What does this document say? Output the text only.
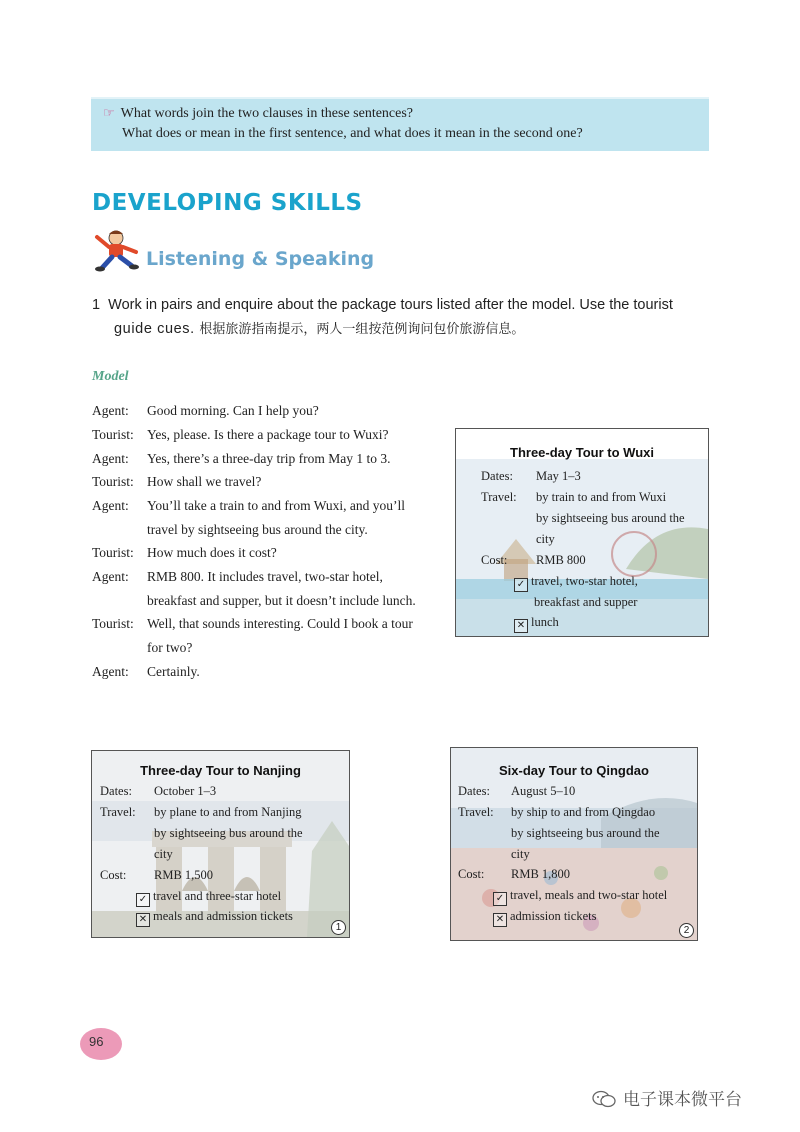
☞ What words join the two clauses in these sentences?
What does or mean in the first sentence, and what does it mean in the second one?
DEVELOPING SKILLS
Listening & Speaking
1 Work in pairs and enquire about the package tours listed after the model. Use the tourist
guide cues. 根据旅游指南提示，两人一组按范例询问包价旅游信息。
Model
Agent: Good morning. Can I help you?
Tourist: Yes, please. Is there a package tour to Wuxi?
Agent: Yes, there’s a three-day trip from May 1 to 3.
Tourist: How shall we travel?
Agent: You’ll take a train to and from Wuxi, and you’ll
travel by sightseeing bus around the city.
Tourist: How much does it cost?
Agent: RMB 800. It includes travel, two-star hotel,
breakfast and supper, but it doesn’t include lunch.
Tourist: Well, that sounds interesting. Could I book a tour
for two?
Agent: Certainly.
Three-day Tour to Wuxi
Dates: May 1–3
Travel: by train to and from Wuxi
by sightseeing bus around the
city
Cost: RMB 800
✓ travel, two-star hotel,
breakfast and supper
✕ lunch
Three-day Tour to Nanjing
Dates: October 1–3
Travel: by plane to and from Nanjing
by sightseeing bus around the
city
Cost: RMB 1,500
✓ travel and three-star hotel
✕ meals and admission tickets
1
Six-day Tour to Qingdao
Dates: August 5–10
Travel: by ship to and from Qingdao
by sightseeing bus around the
city
Cost: RMB 1,800
✓ travel, meals and two-star hotel
✕ admission tickets
2
96
电子课本微平台
